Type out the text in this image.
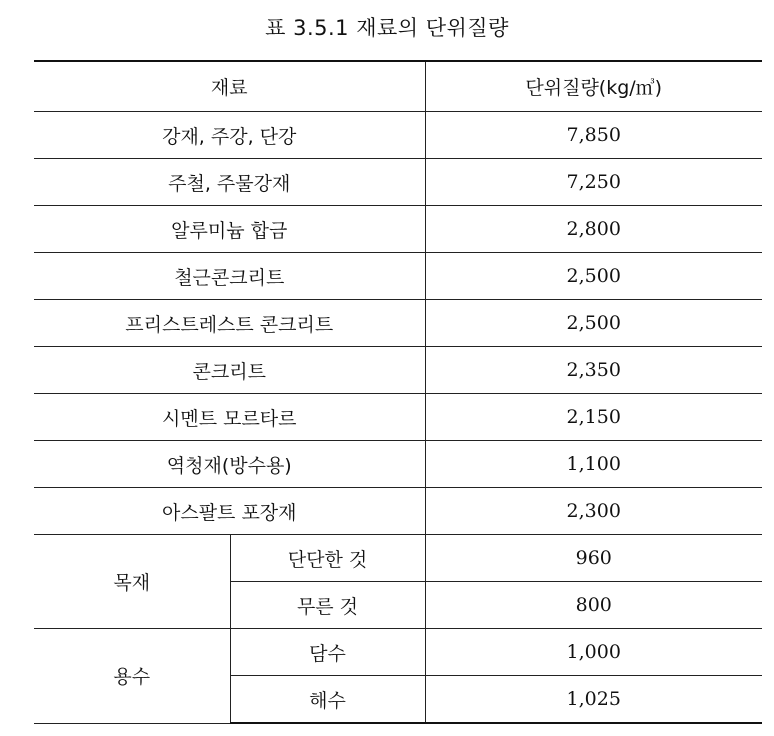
표 3.5.1 재료의 단위질량
재료		단위질량(kg/㎥)
강재, 주강, 단강		7,850
주철, 주물강재		7,250
알루미늄 합금		2,800
철근콘크리트		2,500
프리스트레스트 콘크리트		2,500
콘크리트		2,350
시멘트 모르타르		2,150
역청재(방수용)		1,100
아스팔트 포장재		2,300
목재	단단한 것	960
	무른 것	800
용수	담수	1,000
	해수	1,025
